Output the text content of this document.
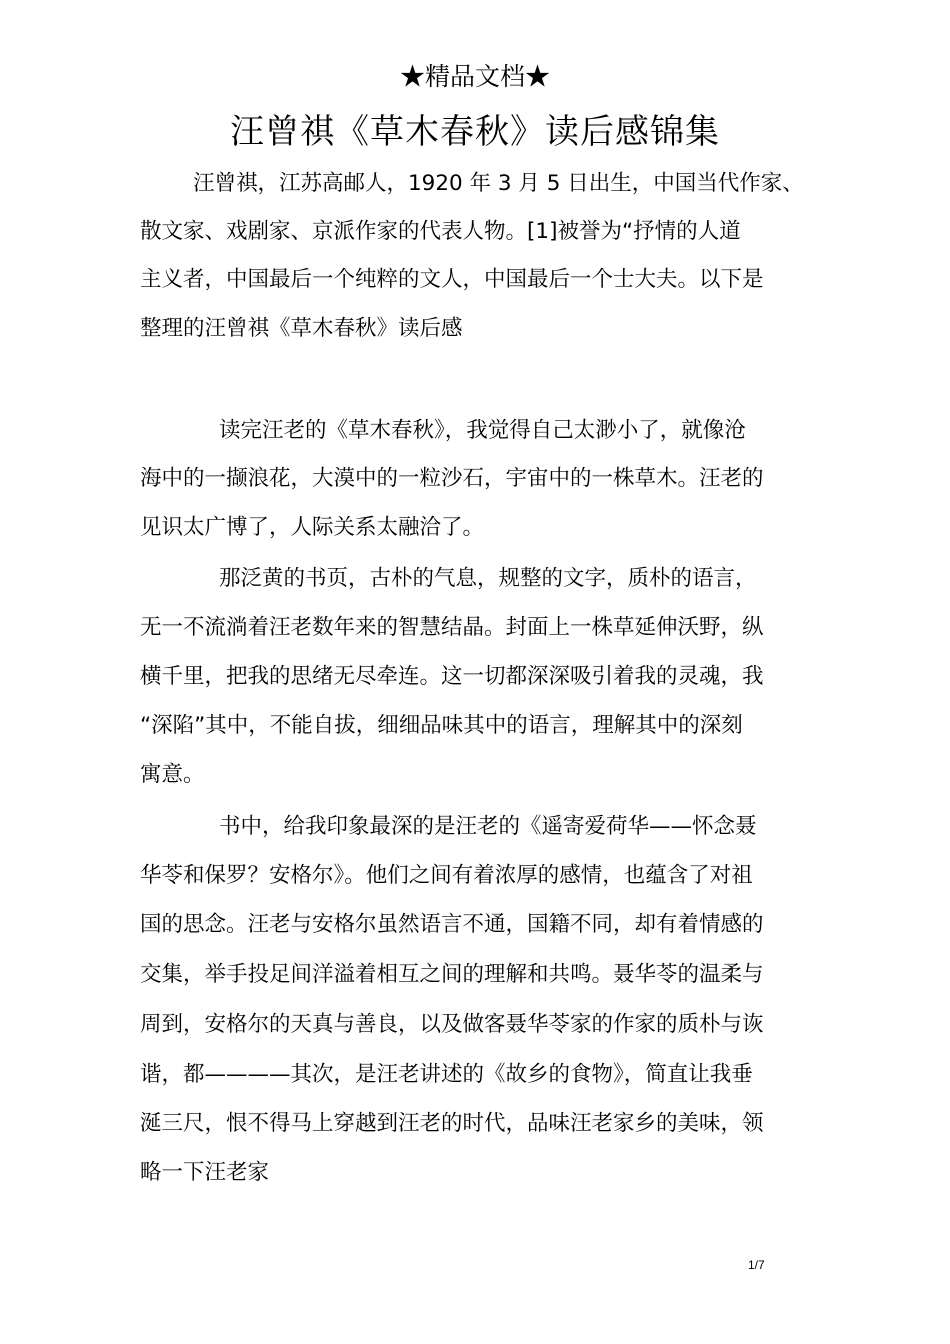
★精品文档★
汪曾祺《草木春秋》读后感锦集
汪曾祺，江苏高邮人，1920 年 3 月 5 日出生，中国当代作家、
散文家、戏剧家、京派作家的代表人物。[1]被誉为“抒情的人道
主义者，中国最后一个纯粹的文人，中国最后一个士大夫。以下是
整理的汪曾祺《草木春秋》读后感
读完汪老的《草木春秋》，我觉得自己太渺小了，就像沧
海中的一撷浪花，大漠中的一粒沙石，宇宙中的一株草木。汪老的
见识太广博了，人际关系太融洽了。
那泛黄的书页，古朴的气息，规整的文字，质朴的语言，
无一不流淌着汪老数年来的智慧结晶。封面上一株草延伸沃野，纵
横千里，把我的思绪无尽牵连。这一切都深深吸引着我的灵魂，我
“深陷”其中，不能自拔，细细品味其中的语言，理解其中的深刻
寓意。
书中，给我印象最深的是汪老的《遥寄爱荷华——怀念聂
华苓和保罗？安格尔》。他们之间有着浓厚的感情，也蕴含了对祖
国的思念。汪老与安格尔虽然语言不通，国籍不同，却有着情感的
交集，举手投足间洋溢着相互之间的理解和共鸣。聂华苓的温柔与
周到，安格尔的天真与善良，以及做客聂华苓家的作家的质朴与诙
谐，都————其次，是汪老讲述的《故乡的食物》，简直让我垂
涎三尺，恨不得马上穿越到汪老的时代，品味汪老家乡的美味，领
略一下汪老家
1/7
